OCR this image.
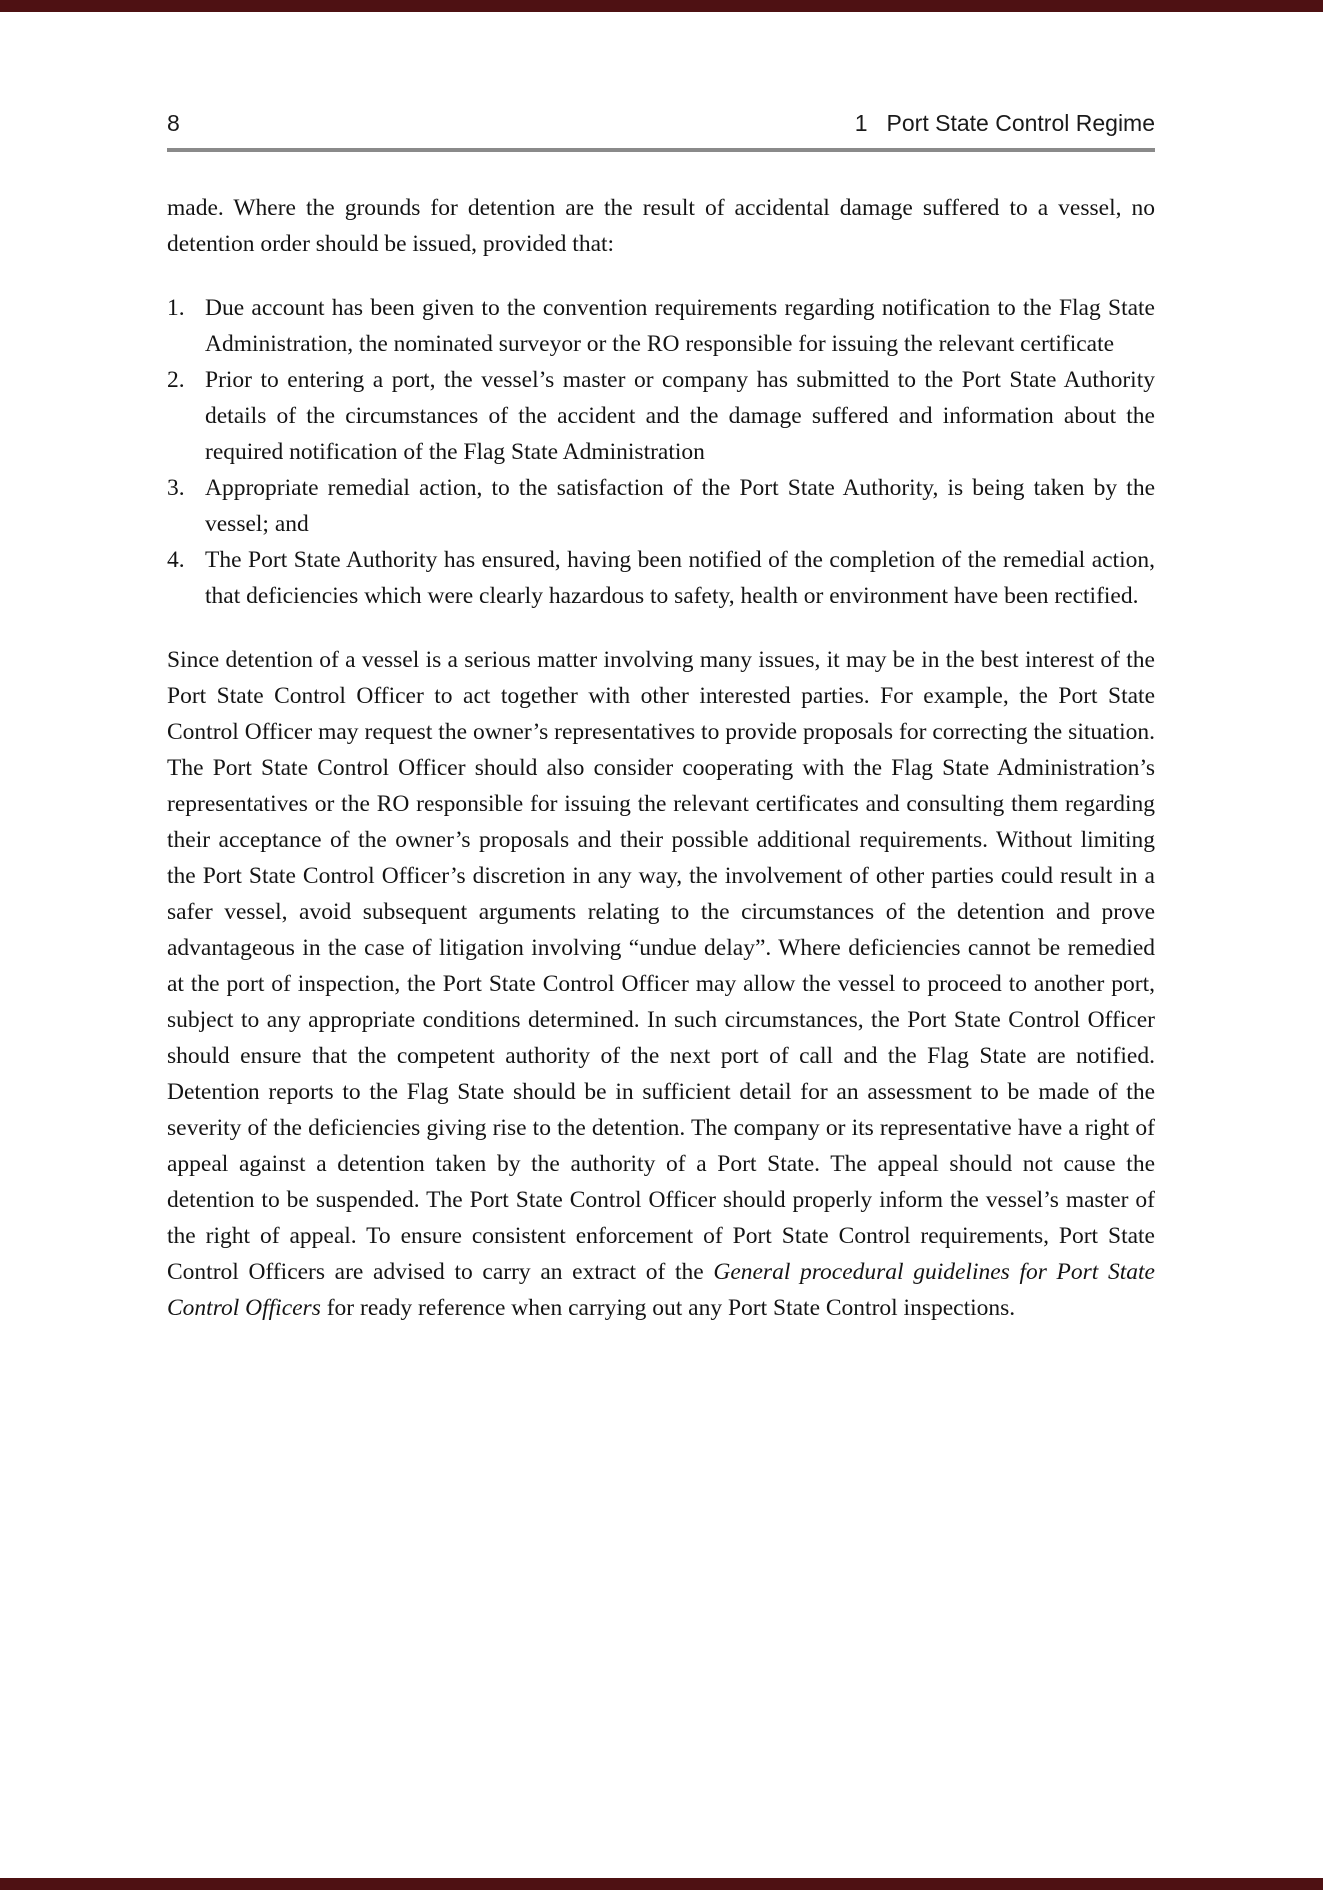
8	1 Port State Control Regime

made. Where the grounds for detention are the result of accidental damage suffered to a vessel, no detention order should be issued, provided that:

1. Due account has been given to the convention requirements regarding notification to the Flag State Administration, the nominated surveyor or the RO responsible for issuing the relevant certificate
2. Prior to entering a port, the vessel’s master or company has submitted to the Port State Authority details of the circumstances of the accident and the damage suffered and information about the required notification of the Flag State Administration
3. Appropriate remedial action, to the satisfaction of the Port State Authority, is being taken by the vessel; and
4. The Port State Authority has ensured, having been notified of the completion of the remedial action, that deficiencies which were clearly hazardous to safety, health or environment have been rectified.

Since detention of a vessel is a serious matter involving many issues, it may be in the best interest of the Port State Control Officer to act together with other interested parties. For example, the Port State Control Officer may request the owner’s representatives to provide proposals for correcting the situation. The Port State Control Officer should also consider cooperating with the Flag State Administration’s representatives or the RO responsible for issuing the relevant certificates and consulting them regarding their acceptance of the owner’s proposals and their possible additional requirements. Without limiting the Port State Control Officer’s discretion in any way, the involvement of other parties could result in a safer vessel, avoid subsequent arguments relating to the circumstances of the detention and prove advantageous in the case of litigation involving “undue delay”. Where deficiencies cannot be remedied at the port of inspection, the Port State Control Officer may allow the vessel to proceed to another port, subject to any appropriate conditions determined. In such circumstances, the Port State Control Officer should ensure that the competent authority of the next port of call and the Flag State are notified. Detention reports to the Flag State should be in sufficient detail for an assessment to be made of the severity of the deficiencies giving rise to the detention. The company or its representative have a right of appeal against a detention taken by the authority of a Port State. The appeal should not cause the detention to be suspended. The Port State Control Officer should properly inform the vessel’s master of the right of appeal. To ensure consistent enforcement of Port State Control requirements, Port State Control Officers are advised to carry an extract of the General procedural guidelines for Port State Control Officers for ready reference when carrying out any Port State Control inspections.
